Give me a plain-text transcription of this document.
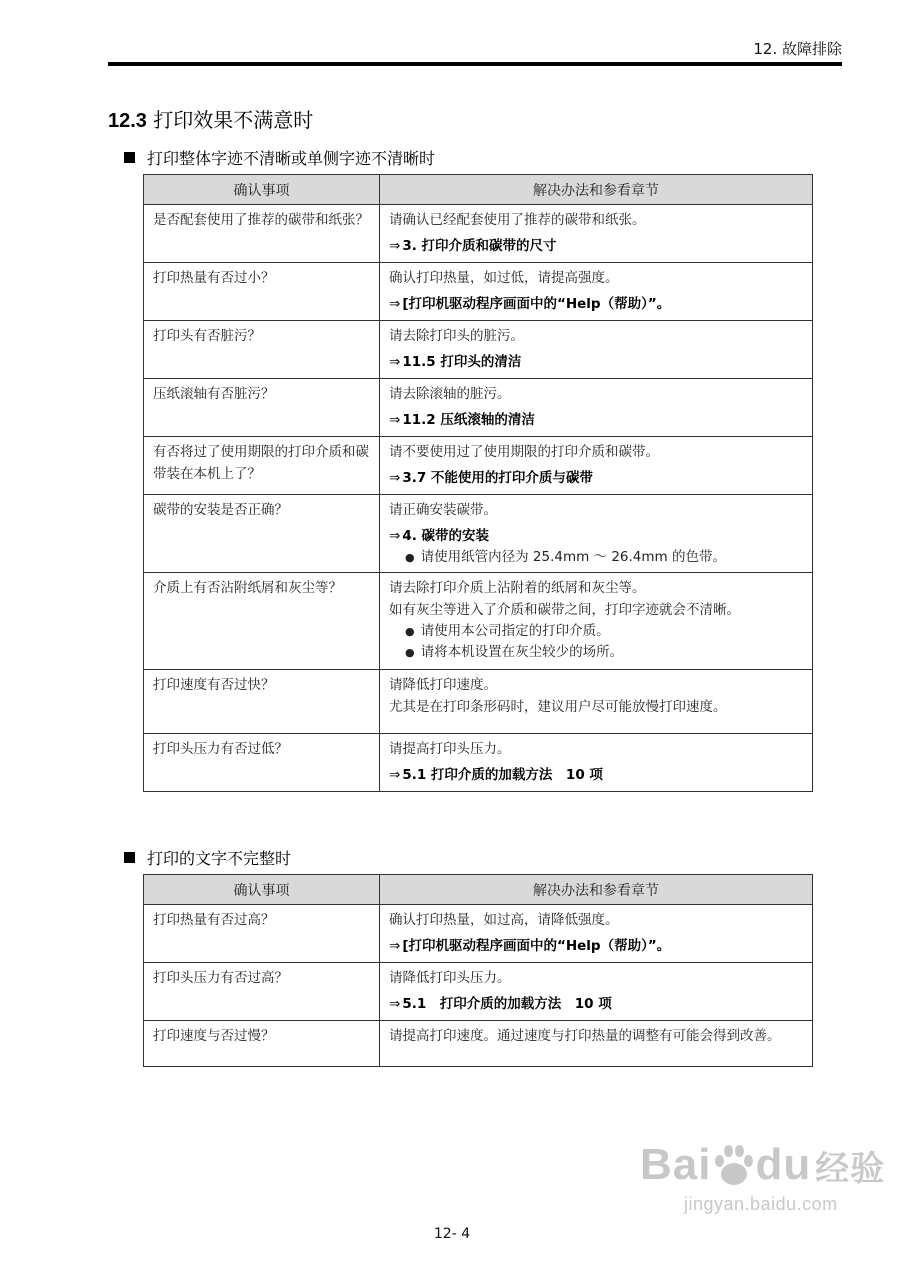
12. 故障排除
12.3 打印效果不满意时
打印整体字迹不清晰或单侧字迹不清晰时
确认事项	解决办法和参看章节
是否配套使用了推荐的碳带和纸张？	请确认已经配套使用了推荐的碳带和纸张。
⇒ 3. 打印介质和碳带的尺寸

打印热量有否过小？	确认打印热量，如过低，请提高强度。
⇒ [打印机驱动程序画面中的“Help（帮助）”。

打印头有否脏污？	请去除打印头的脏污。
⇒ 11.5 打印头的清洁

压纸滚轴有否脏污？	请去除滚轴的脏污。
⇒ 11.2 压纸滚轴的清洁

有否将过了使用期限的打印介质和碳带装在本机上了？	请不要使用过了使用期限的打印介质和碳带。
⇒ 3.7 不能使用的打印介质与碳带

碳带的安装是否正确？	请正确安装碳带。
⇒ 4. 碳带的安装
● 请使用纸管内径为 25.4mm ～ 26.4mm 的色带。

介质上有否沾附纸屑和灰尘等？	请去除打印介质上沾附着的纸屑和灰尘等。
如有灰尘等进入了介质和碳带之间，打印字迹就会不清晰。
● 请使用本公司指定的打印介质。
● 请将本机设置在灰尘较少的场所。

打印速度有否过快？	请降低打印速度。
尤其是在打印条形码时，建议用户尽可能放慢打印速度。

打印头压力有否过低？	请提高打印头压力。
⇒ 5.1 打印介质的加载方法　10 项
打印的文字不完整时
确认事项	解决办法和参看章节
打印热量有否过高？	确认打印热量，如过高，请降低强度。
⇒ [打印机驱动程序画面中的“Help（帮助）”。

打印头压力有否过高？	请降低打印头压力。
⇒ 5.1　打印介质的加载方法　10 项

打印速度与否过慢？	请提高打印速度。通过速度与打印热量的调整有可能会得到改善。
Bai du 经验
jingyan.baidu.com
12- 4
